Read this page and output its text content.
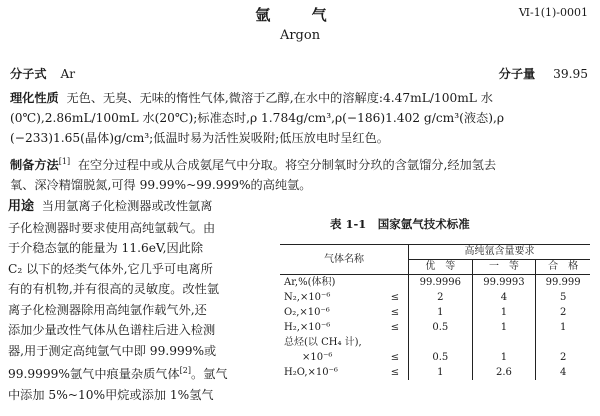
氩 气
Argon
Ⅵ-1(1)-0001
分子式 Ar	分子量 39.95
理化性质 无色、无臭、无味的惰性气体,微溶于乙醇,在水中的溶解度:4.47mL/100mL 水
(0℃),2.86mL/100mL 水(20℃);标准态时,ρ 1.784g/cm³,ρ(−186)1.402 g/cm³(液态),ρ
(−233)1.65(晶体)g/cm³;低温时易为活性炭吸附;低压放电时呈红色。
制备方法[1] 在空分过程中或从合成氨尾气中分取。将空分制氧时分玖的含氩馏分,经加氢去
氧、深冷精馏脱氮,可得 99.99%~99.999%的高纯氩。
用途 当用氩离子化检测器或改性氩离
子化检测器时要求使用高纯氩载气。由
于介稳态氩的能量为 11.6eV,因此除
C₂ 以下的烃类气体外,它几乎可电离所
有的有机物,并有很高的灵敏度。改性氩
离子化检测器除用高纯氩作载气外,还
添加少量改性气体从色谱柱后进入检测
器,用于测定高纯氩气中即 99.999%或
99.9999%氩气中痕量杂质气体[2]。氩气
中添加 5%~10%甲烷或添加 1%氢气
表 1-1　国家氩气技术标准
气体名称		高纯氩含量要求		
		优　等	一　等	合　格
Ar,%(体积)		99.9996	99.9993	99.999
N₂,×10⁻⁶	≤	2	4	5
O₂,×10⁻⁶	≤	1	1	2
H₂,×10⁻⁶	≤	0.5	1	1
总烃(以 CH₄ 计),				
×10⁻⁶	≤	0.5	1	2
H₂O,×10⁻⁶	≤	1	2.6	4
